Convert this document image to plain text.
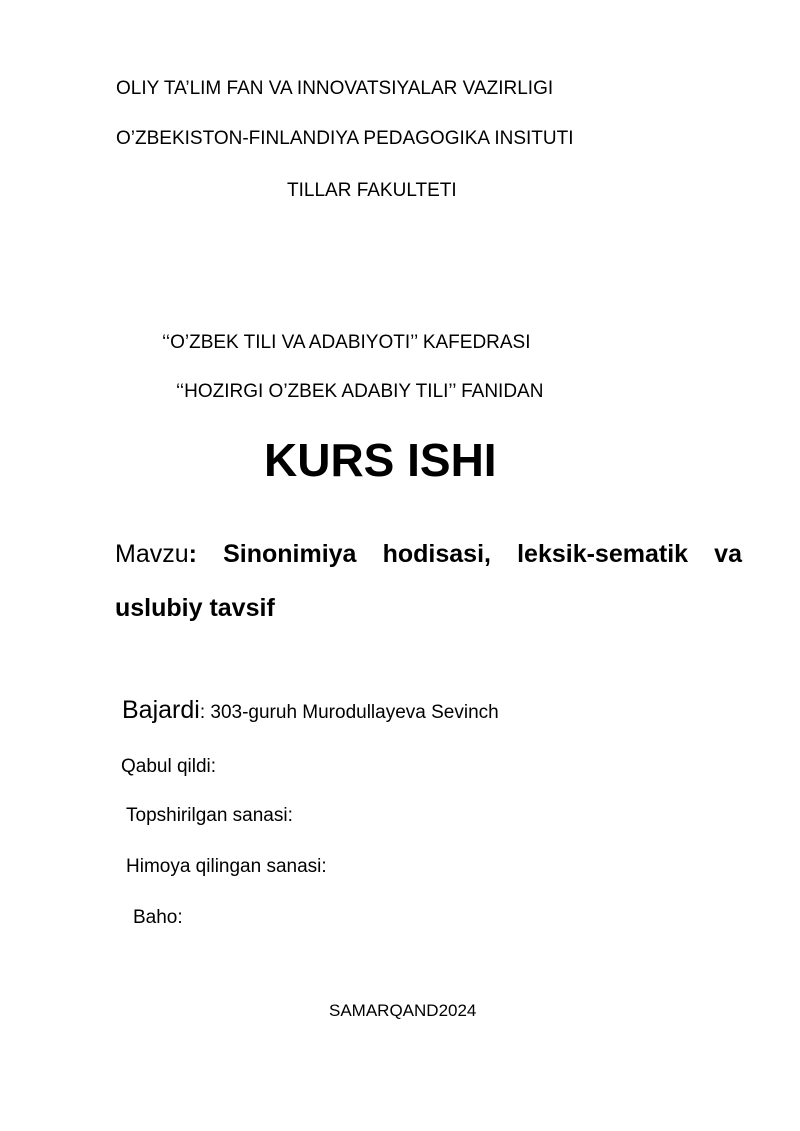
OLIY TA’LIM FAN VA INNOVATSIYALAR VAZIRLIGI
O’ZBEKISTON-FINLANDIYA PEDAGOGIKA INSITUTI
TILLAR FAKULTETI
‘‘O’ZBEK TILI VA ADABIYOTI’’ KAFEDRASI
‘‘HOZIRGI O’ZBEK ADABIY TILI’’ FANIDAN
KURS ISHI
Mavzu: Sinonimiya hodisasi, leksik-sematik va uslubiy tavsif
Bajardi: 303-guruh Murodullayeva Sevinch
Qabul qildi:
Topshirilgan sanasi:
Himoya qilingan sanasi:
Baho:
SAMARQAND2024
